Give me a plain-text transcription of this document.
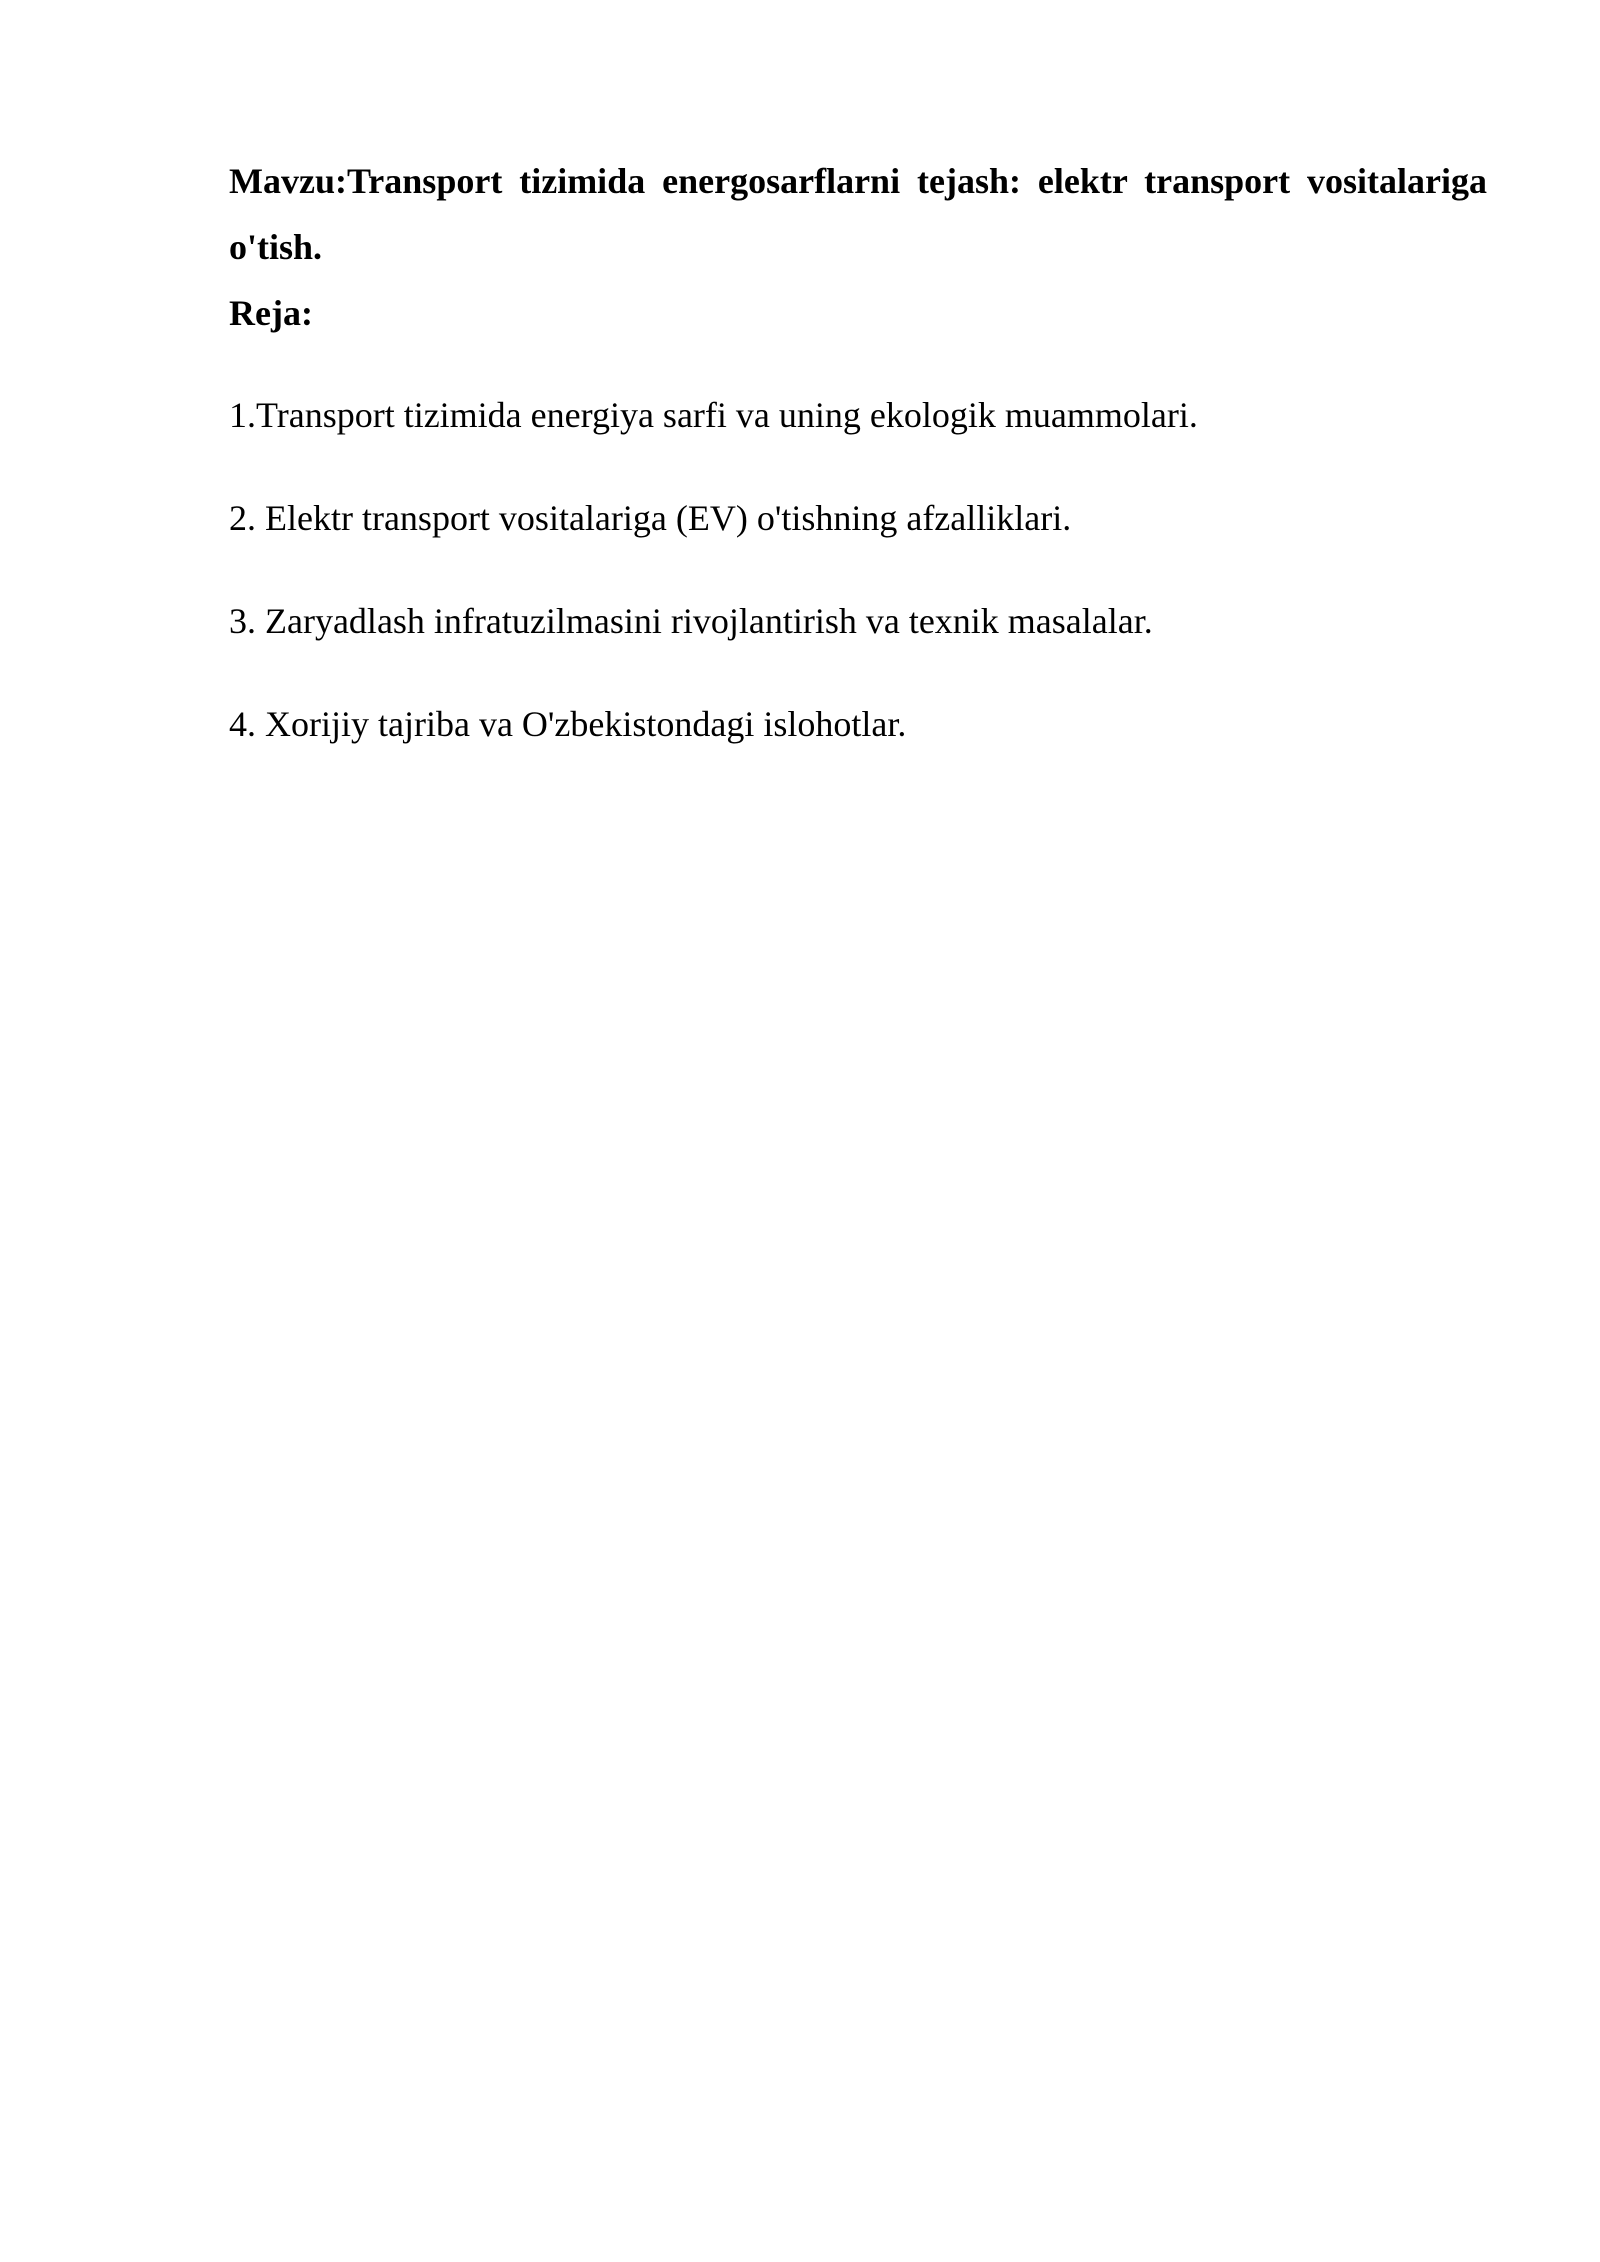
Mavzu:Transport tizimida energosarflarni tejash: elektr transport vositalariga o'tish.

Reja:

1.Transport tizimida energiya sarfi va uning ekologik muammolari.
2. Elektr transport vositalariga (EV) o'tishning afzalliklari.
3. Zaryadlash infratuzilmasini rivojlantirish va texnik masalalar.
4. Xorijiy tajriba va O'zbekistondagi islohotlar.
